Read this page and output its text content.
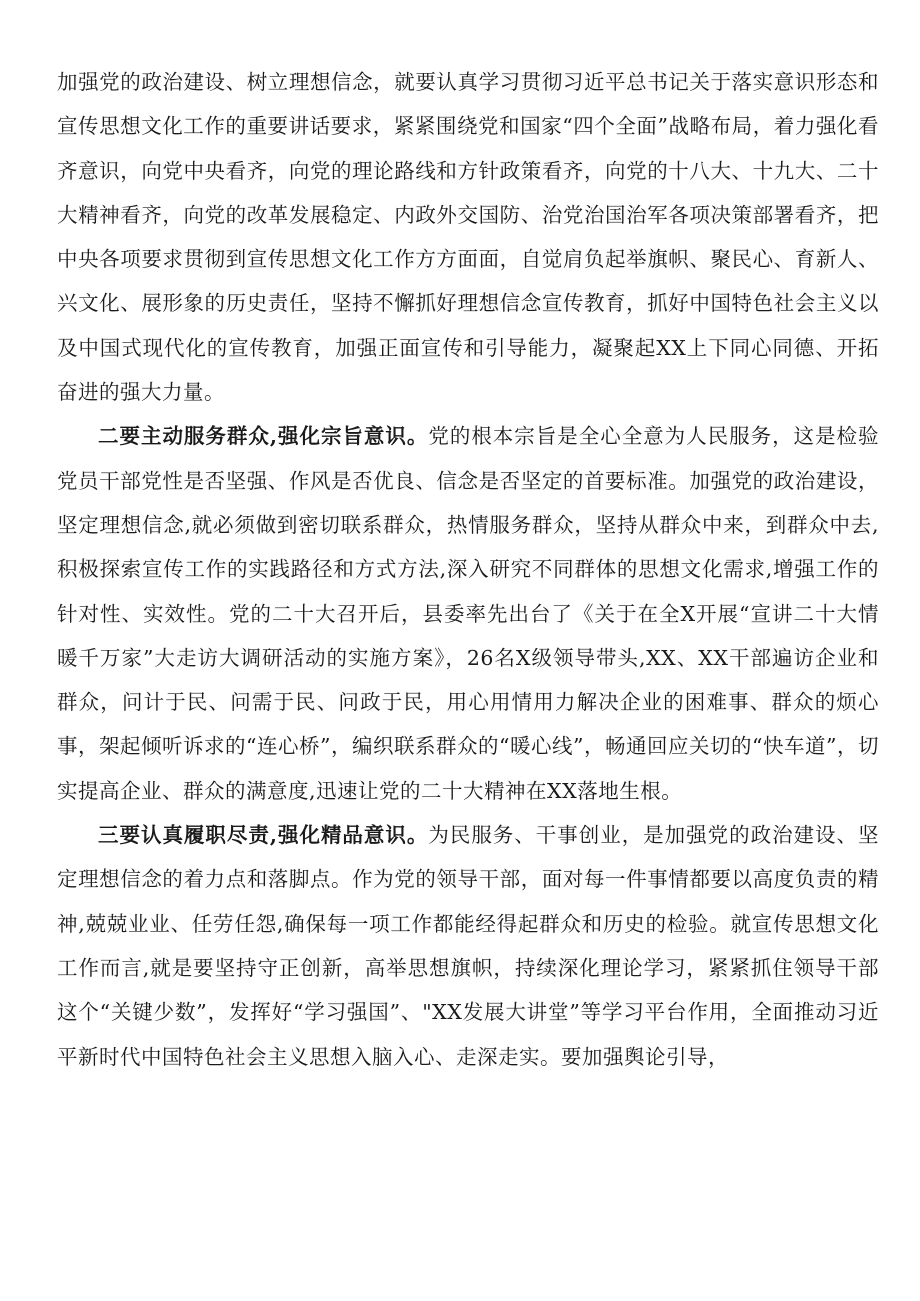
加强党的政治建设、树立理想信念，就要认真学习贯彻习近平总书记关于落实意识形态和宣传思想文化工作的重要讲话要求，紧紧围绕党和国家“四个全面”战略布局，着力强化看齐意识，向党中央看齐，向党的理论路线和方针政策看齐，向党的十八大、十九大、二十大精神看齐，向党的改革发展稳定、内政外交国防、治党治国治军各项决策部署看齐，把中央各项要求贯彻到宣传思想文化工作方方面面，自觉肩负起举旗帜、聚民心、育新人、兴文化、展形象的历史责任，坚持不懈抓好理想信念宣传教育，抓好中国特色社会主义以及中国式现代化的宣传教育，加强正面宣传和引导能力，凝聚起XX上下同心同德、开拓奋进的强大力量。

二要主动服务群众,强化宗旨意识。党的根本宗旨是全心全意为人民服务，这是检验党员干部党性是否坚强、作风是否优良、信念是否坚定的首要标准。加强党的政治建设，坚定理想信念,就必须做到密切联系群众，热情服务群众，坚持从群众中来，到群众中去,积极探索宣传工作的实践路径和方式方法,深入研究不同群体的思想文化需求,增强工作的针对性、实效性。党的二十大召开后，县委率先出台了《关于在全X开展“宣讲二十大情暖千万家”大走访大调研活动的实施方案》，26名X级领导带头,XX、XX干部遍访企业和群众，问计于民、问需于民、问政于民，用心用情用力解决企业的困难事、群众的烦心事，架起倾听诉求的“连心桥”，编织联系群众的“暖心线”，畅通回应关切的“快车道”，切实提高企业、群众的满意度,迅速让党的二十大精神在XX落地生根。

三要认真履职尽责,强化精品意识。为民服务、干事创业，是加强党的政治建设、坚定理想信念的着力点和落脚点。作为党的领导干部，面对每一件事情都要以高度负责的精神,兢兢业业、任劳任怨,确保每一项工作都能经得起群众和历史的检验。就宣传思想文化工作而言,就是要坚持守正创新，高举思想旗帜，持续深化理论学习，紧紧抓住领导干部这个“关键少数”，发挥好“学习强国”、"XX发展大讲堂”等学习平台作用，全面推动习近平新时代中国特色社会主义思想入脑入心、走深走实。要加强舆论引导，
